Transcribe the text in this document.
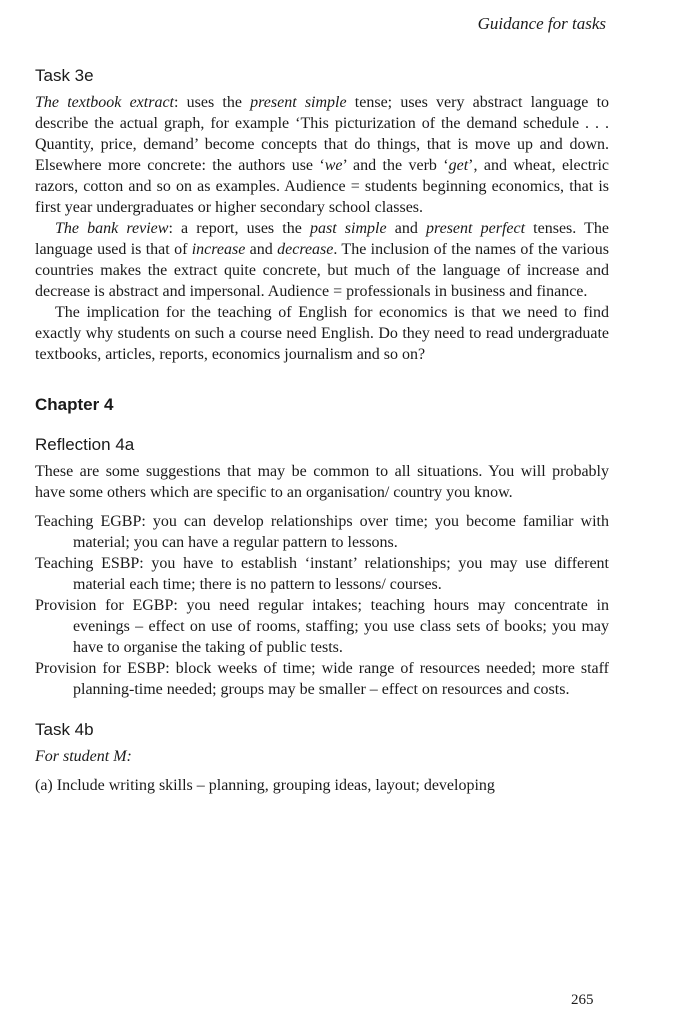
Guidance for tasks
Task 3e

The textbook extract: uses the present simple tense; uses very abstract language to describe the actual graph, for example ‘This picturization of the demand schedule . . . Quantity, price, demand’ become concepts that do things, that is move up and down. Elsewhere more concrete: the authors use ‘we’ and the verb ‘get’, and wheat, electric razors, cotton and so on as examples. Audience = students beginning economics, that is first year undergraduates or higher secondary school classes.

The bank review: a report, uses the past simple and present perfect tenses. The language used is that of increase and decrease. The inclusion of the names of the various countries makes the extract quite concrete, but much of the language of increase and decrease is abstract and impersonal. Audience = professionals in business and finance.

The implication for the teaching of English for economics is that we need to find exactly why students on such a course need English. Do they need to read undergraduate textbooks, articles, reports, economics journalism and so on?

Chapter 4
Reflection 4a

These are some suggestions that may be common to all situations. You will probably have some others which are specific to an organisation/ country you know.

Teaching EGBP: you can develop relationships over time; you become familiar with material; you can have a regular pattern to lessons.
Teaching ESBP: you have to establish ‘instant’ relationships; you may use different material each time; there is no pattern to lessons/ courses.
Provision for EGBP: you need regular intakes; teaching hours may concentrate in evenings – effect on use of rooms, staffing; you use class sets of books; you may have to organise the taking of public tests.
Provision for ESBP: block weeks of time; wide range of resources needed; more staff planning-time needed; groups may be smaller – effect on resources and costs.
Task 4b

For student M:

(a) Include writing skills – planning, grouping ideas, layout; developing

265
